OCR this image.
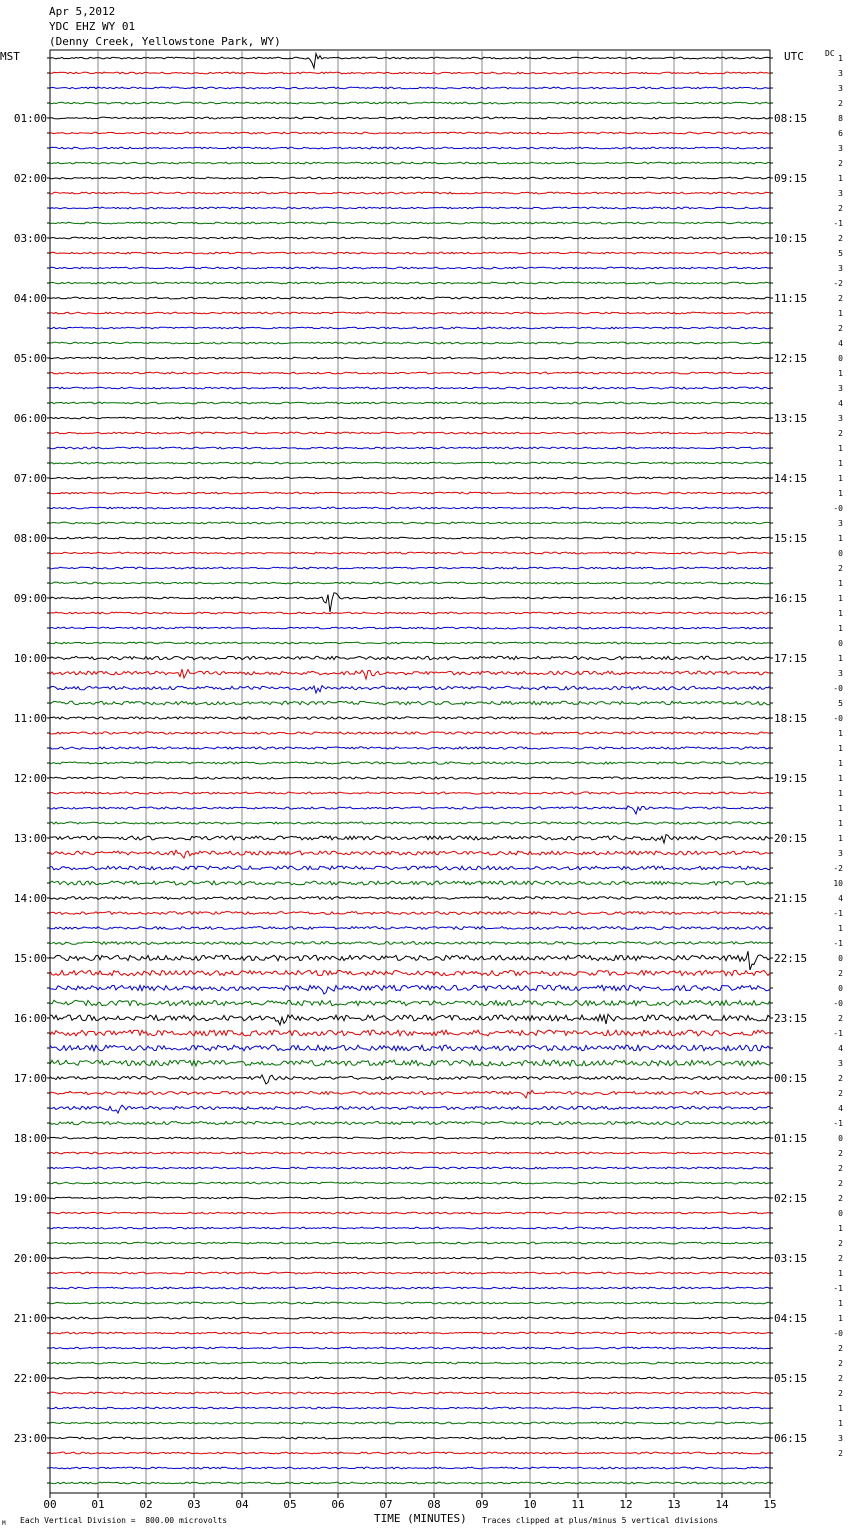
Apr 5,2012
YDC EHZ WY 01
(Denny Creek, Yellowstone Park, WY)
MST	UTC	DC
1
3
3
2
8
6
3
2
1
3
2
-1
2
5
3
-2
2
1
2
4
0
1
3
4
3
2
1
1
1
1
-0
3
1
0
2
1
1
1
1
0
1
3
-0
5
-0
1
1
1
1
1
1
1
1
3
-2
10
4
-1
1
-1
0
2
0
-0
2
-1
4
3
2
2
4
-1
0
2
2
2
2
0
1
2
2
1
-1
1
1
-0
2
2
2
2
1
1
3
2
01:00	08:15
02:00	09:15
03:00	10:15
04:00	11:15
05:00	12:15
06:00	13:15
07:00	14:15
08:00	15:15
09:00	16:15
10:00	17:15
11:00	18:15
12:00	19:15
13:00	20:15
14:00	21:15
15:00	22:15
16:00	23:15
17:00	00:15
18:00	01:15
19:00	02:15
20:00	03:15
21:00	04:15
22:00	05:15
23:00	06:15
00	01	02	03	04	05	06	07	08	09	10	11	12	13	14	15
M Each Vertical Division =  800.00 microvolts	TIME (MINUTES) Traces clipped at plus/minus 5 vertical divisions
